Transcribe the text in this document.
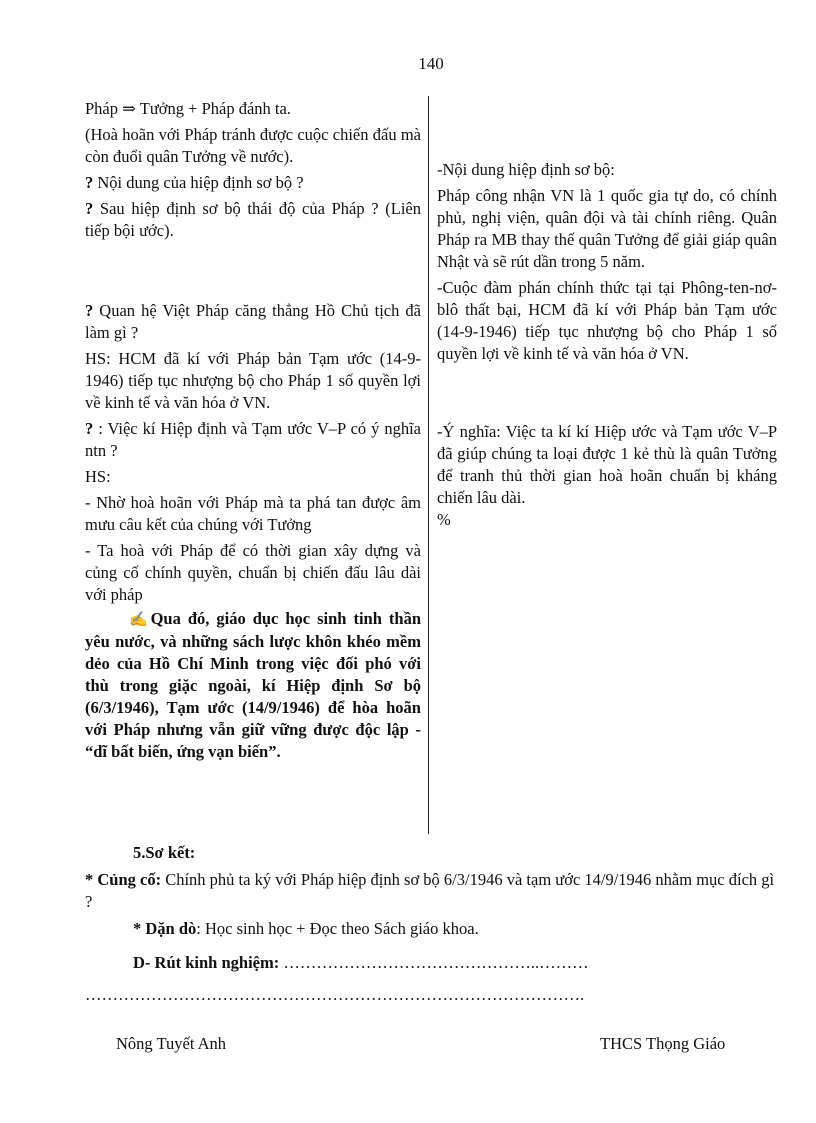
140

Pháp ⇒ Tưởng + Pháp đánh ta.

(Hoà hoãn với Pháp tránh được cuộc chiến đấu mà còn đuổi quân Tưởng về nước).

? Nội dung của hiệp định sơ bộ ?

? Sau hiệp định sơ bộ thái độ của Pháp ? (Liên tiếp bội ước).

? Quan hệ Việt Pháp căng thẳng Hồ Chủ tịch đã làm gì ?

HS: HCM đã kí với Pháp bản Tạm ước (14-9-1946) tiếp tục nhượng bộ cho Pháp 1 số quyền lợi về kinh tế và văn hóa ở VN.

? : Việc kí Hiệp định và Tạm ước V–P có ý nghĩa ntn ?

HS:

- Nhờ hoà hoãn với Pháp mà ta phá tan được âm mưu câu kết của chúng với Tưởng

- Ta hoà với Pháp để có thời gian xây dựng và củng cố chính quyền, chuẩn bị chiến đấu lâu dài với pháp

✍Qua đó, giáo dục học sinh tinh thần yêu nước, và những sách lược khôn khéo mềm dẻo của Hồ Chí Minh trong việc đối phó với thù trong giặc ngoài, kí Hiệp định Sơ bộ (6/3/1946), Tạm ước (14/9/1946) để hòa hoãn với Pháp nhưng vẫn giữ vững được độc lập - “dĩ bất biến, ứng vạn biến”.

-Nội dung hiệp định sơ bộ:

Pháp công nhận VN là 1 quốc gia tự do, có chính phủ, nghị viện, quân đội và tài chính riêng. Quân Pháp ra MB thay thế quân Tưởng để giải giáp quân Nhật và sẽ rút dần trong 5 năm.

-Cuộc đàm phán chính thức tại tại Phông-ten-nơ-blô thất bại, HCM đã kí với Pháp bản Tạm ước (14-9-1946) tiếp tục nhượng bộ cho Pháp 1 số quyền lợi về kinh tế và văn hóa ở VN.

-Ý nghĩa: Việc ta kí kí Hiệp ước và Tạm ước V–P đã giúp chúng ta loại được 1 kẻ thù là quân Tưởng để tranh thủ thời gian hoà hoãn chuẩn bị kháng chiến lâu dài.

%

5.Sơ kết:
* Củng cố: Chính phủ ta ký với Pháp hiệp định sơ bộ 6/3/1946 và tạm ước 14/9/1946 nhằm mục đích gì ?
* Dặn dò: Học sinh học + Đọc theo Sách giáo khoa.
D- Rút kinh nghiệm: ………………………………………..………
……………………………………………………………………………….
Nông Tuyết Anh	THCS Thọng Giáo
